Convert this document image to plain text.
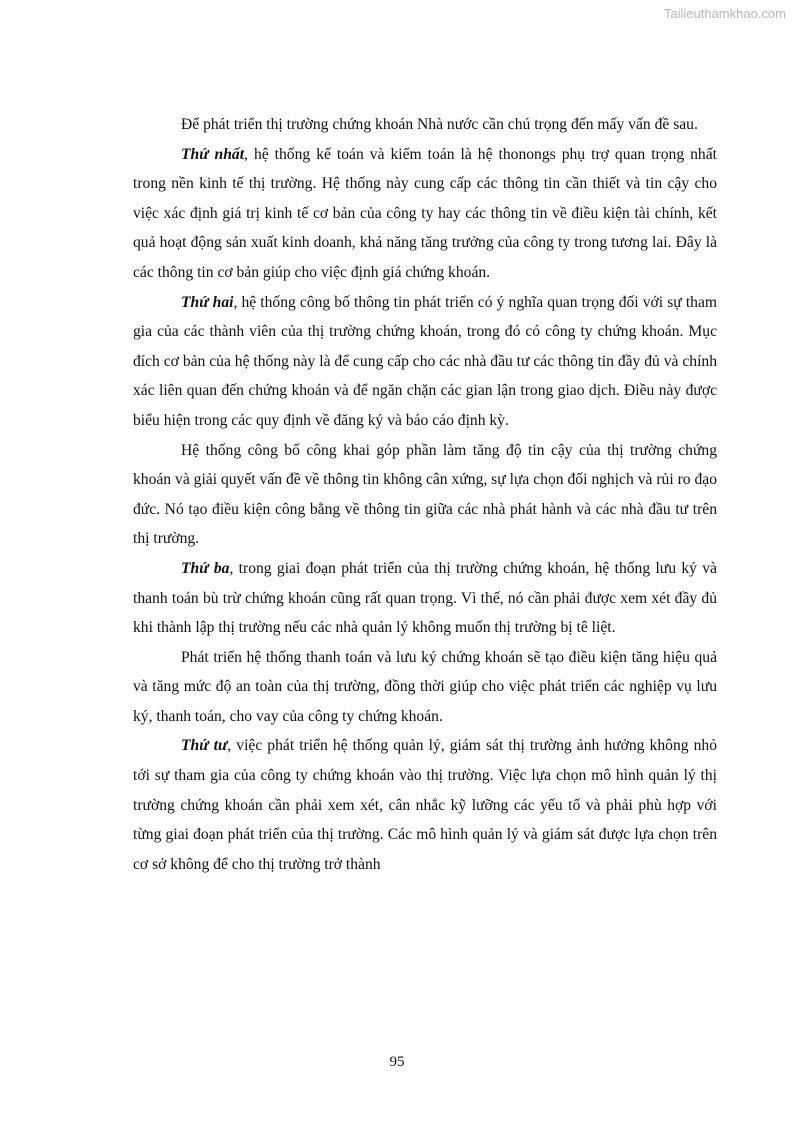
Tailieuthamkhao.com

Để phát triển thị trường chứng khoán Nhà nước cần chú trọng đến mấy vấn đề sau.

Thứ nhất, hệ thống kế toán và kiểm toán là hệ thonongs phụ trợ quan trọng nhất trong nền kinh tế thị trường. Hệ thống này cung cấp các thông tin cần thiết và tin cậy cho việc xác định giá trị kinh tế cơ bản của công ty hay các thông tin về điều kiện tài chính, kết quả hoạt động sản xuất kinh doanh, khả năng tăng trưởng của công ty trong tương lai. Đây là các thông tin cơ bản giúp cho việc định giá chứng khoán.

Thứ hai, hệ thống công bố thông tin phát triển có ý nghĩa quan trọng đối với sự tham gia của các thành viên của thị trường chứng khoán, trong đó có công ty chứng khoán. Mục đích cơ bản của hệ thống này là để cung cấp cho các nhà đầu tư các thông tin đầy đủ và chính xác liên quan đến chứng khoán và để ngăn chặn các gian lận trong giao dịch. Điều này được biểu hiện trong các quy định về đăng ký và báo cáo định kỳ.

Hệ thống công bố công khai góp phần làm tăng độ tin cậy của thị trường chứng khoán và giải quyết vấn đề về thông tin không cân xứng, sự lựa chọn đối nghịch và rủi ro đạo đức. Nó tạo điều kiện công bằng về thông tin giữa các nhà phát hành và các nhà đầu tư trên thị trường.

Thứ ba, trong giai đoạn phát triển của thị trường chứng khoán, hệ thống lưu ký và thanh toán bù trừ chứng khoán cũng rất quan trọng. Vì thế, nó cần phải được xem xét đầy đủ khi thành lập thị trường nếu các nhà quản lý không muốn thị trường bị tê liệt.

Phát triển hệ thống thanh toán và lưu ký chứng khoán sẽ tạo điều kiện tăng hiệu quả và tăng mức độ an toàn của thị trường, đồng thời giúp cho việc phát triển các nghiệp vụ lưu ký, thanh toán, cho vay của công ty chứng khoán.

Thứ tư, việc phát triển hệ thống quản lý, giám sát thị trường ảnh hưởng không nhỏ tới sự tham gia của công ty chứng khoán vào thị trường. Việc lựa chọn mô hình quản lý thị trường chứng khoán cần phải xem xét, cân nhắc kỹ lưỡng các yếu tố và phải phù hợp với từng giai đoạn phát triển của thị trường. Các mô hình quản lý và giám sát được lựa chọn trên cơ sở không để cho thị trường trở thành

95
